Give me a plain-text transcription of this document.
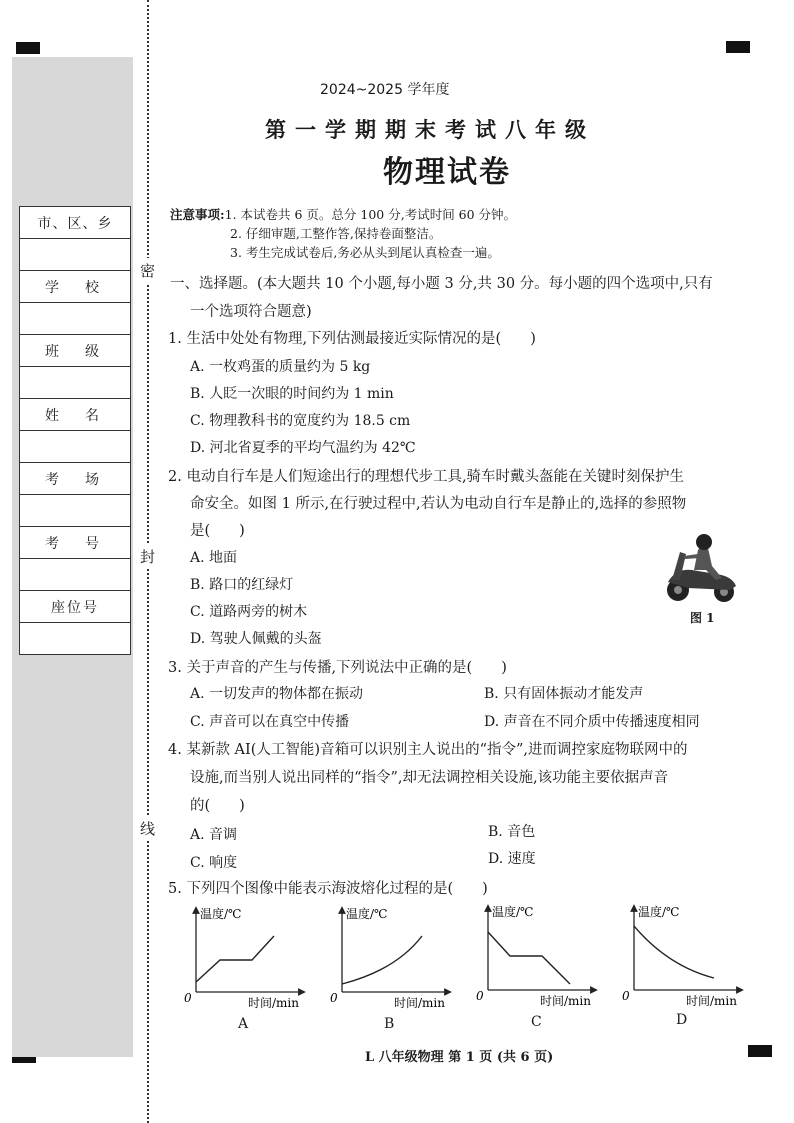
市、区、乡

学　校

班　级

姓　名

考　场

考　号

座位号

密
封
线
2024~2025 学年度
第一学期期末考试八年级
物理试卷
注意事项:1. 本试卷共 6 页。总分 100 分,考试时间 60 分钟。
2. 仔细审题,工整作答,保持卷面整洁。
3. 考生完成试卷后,务必从头到尾认真检查一遍。
一、选择题。(本大题共 10 个小题,每小题 3 分,共 30 分。每小题的四个选项中,只有
一个选项符合题意)
1. 生活中处处有物理,下列估测最接近实际情况的是(　　)
A. 一枚鸡蛋的质量约为 5 kg
B. 人眨一次眼的时间约为 1 min
C. 物理教科书的宽度约为 18.5 cm
D. 河北省夏季的平均气温约为 42℃
2. 电动自行车是人们短途出行的理想代步工具,骑车时戴头盔能在关键时刻保护生
命安全。如图 1 所示,在行驶过程中,若认为电动自行车是静止的,选择的参照物
是(　　)
A. 地面
B. 路口的红绿灯
C. 道路两旁的树木
D. 驾驶人佩戴的头盔
图 1
3. 关于声音的产生与传播,下列说法中正确的是(　　)
A. 一切发声的物体都在振动	B. 只有固体振动才能发声
C. 声音可以在真空中传播	D. 声音在不同介质中传播速度相同
4. 某新款 AI(人工智能)音箱可以识别主人说出的“指令”,进而调控家庭物联网中的
设施,而当别人说出同样的“指令”,却无法调控相关设施,该功能主要依据声音
的(　　)
A. 音调	B. 音色
C. 响度	D. 速度
5. 下列四个图像中能表示海波熔化过程的是(　　)
温度/℃
0	时间/min
A
温度/℃
0	时间/min
B
温度/℃
0	时间/min
C
温度/℃
0	时间/min
D
L 八年级物理 第 1 页 (共 6 页)
